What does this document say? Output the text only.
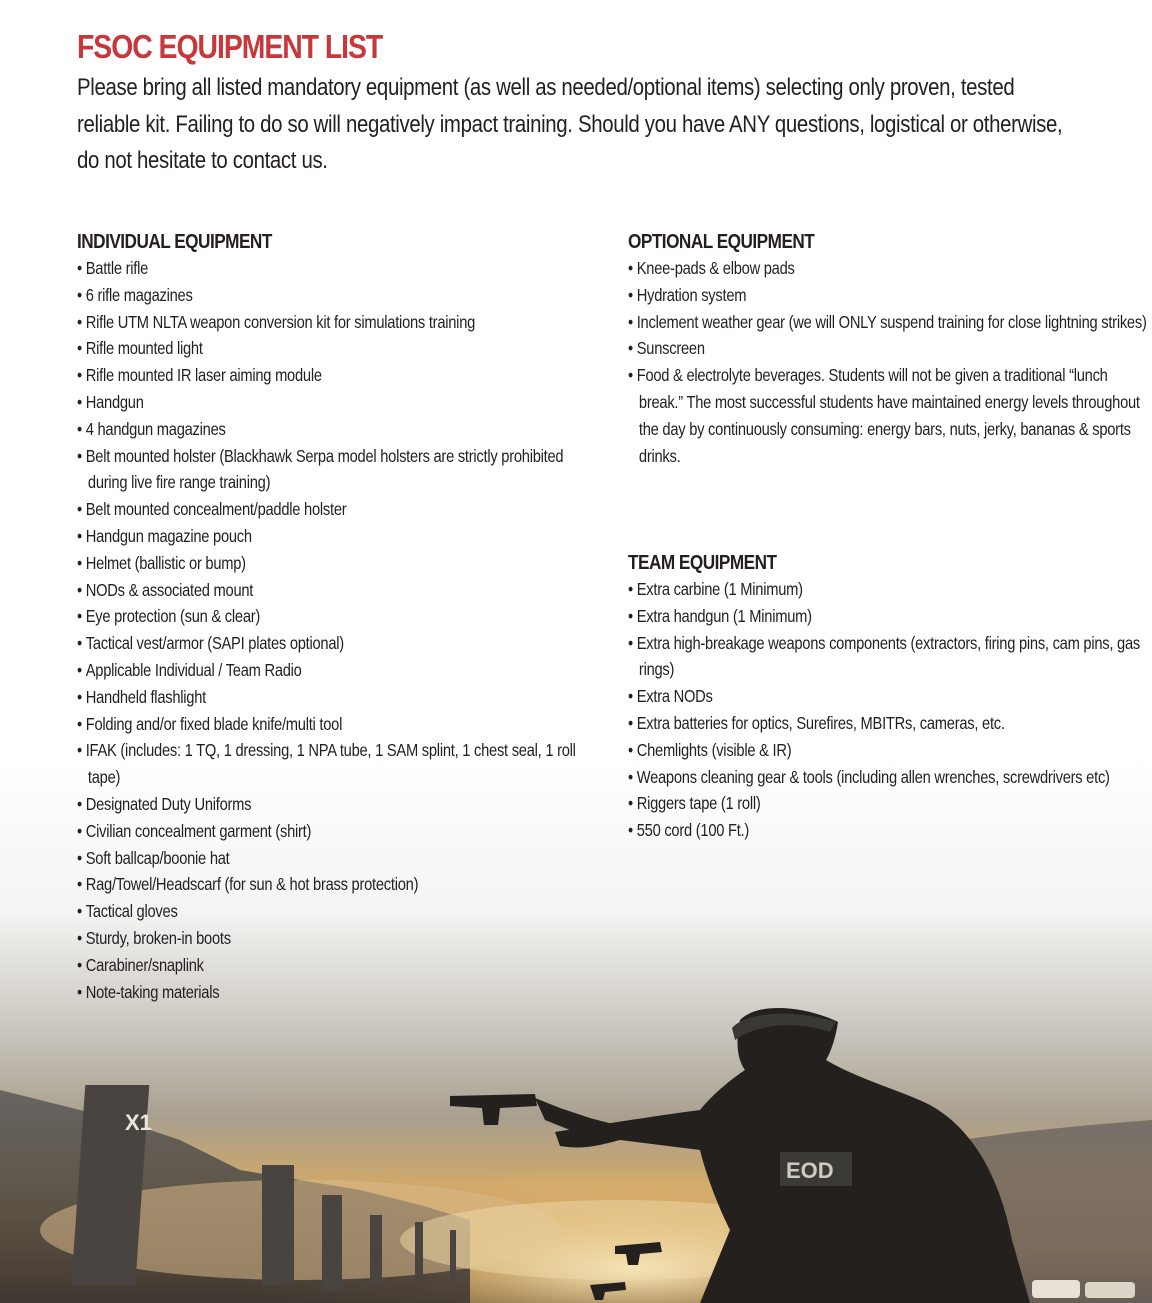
FSOC EQUIPMENT LIST

Please bring all listed mandatory equipment (as well as needed/optional items) selecting only proven, tested reliable kit. Failing to do so will negatively impact training. Should you have ANY questions, logistical or otherwise, do not hesitate to contact us.

INDIVIDUAL EQUIPMENT
• Battle rifle
• 6 rifle magazines
• Rifle UTM NLTA weapon conversion kit for simulations training
• Rifle mounted light
• Rifle mounted IR laser aiming module
• Handgun
• 4 handgun magazines
• Belt mounted holster (Blackhawk Serpa model holsters are strictly prohibited during live fire range training)
• Belt mounted concealment/paddle holster
• Handgun magazine pouch
• Helmet (ballistic or bump)
• NODs & associated mount
• Eye protection (sun & clear)
• Tactical vest/armor (SAPI plates optional)
• Applicable Individual / Team Radio
• Handheld flashlight
• Folding and/or fixed blade knife/multi tool
• IFAK (includes: 1 TQ, 1 dressing, 1 NPA tube, 1 SAM splint, 1 chest seal, 1 roll tape)
• Designated Duty Uniforms
• Civilian concealment garment (shirt)
• Soft ballcap/boonie hat
• Rag/Towel/Headscarf (for sun & hot brass protection)
• Tactical gloves
• Sturdy, broken-in boots
• Carabiner/snaplink
• Note-taking materials
OPTIONAL EQUIPMENT
• Knee-pads & elbow pads
• Hydration system
• Inclement weather gear (we will ONLY suspend training for close lightning strikes)
• Sunscreen
• Food & electrolyte beverages. Students will not be given a traditional “lunch break.” The most successful students have maintained energy levels throughout the day by continuously consuming: energy bars, nuts, jerky, bananas & sports drinks.
TEAM EQUIPMENT
• Extra carbine (1 Minimum)
• Extra handgun (1 Minimum)
• Extra high-breakage weapons components (extractors, firing pins, cam pins, gas rings)
• Extra NODs
• Extra batteries for optics, Surefires, MBITRs, cameras, etc.
• Chemlights (visible & IR)
• Weapons cleaning gear & tools (including allen wrenches, screwdrivers etc)
• Riggers tape (1 roll)
• 550 cord (100 Ft.)
X1
EOD
